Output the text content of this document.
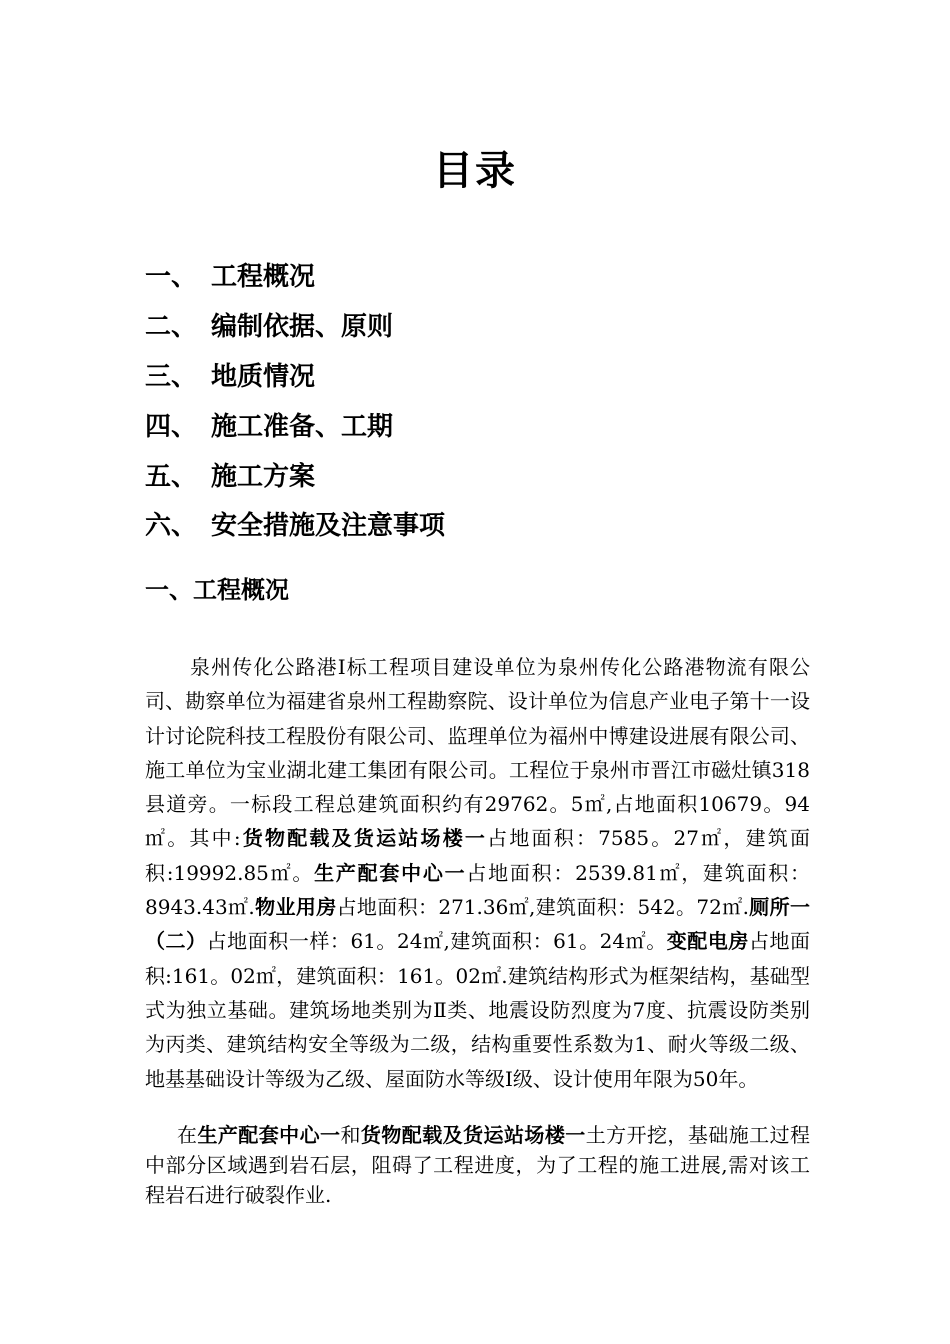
目录
一、 工程概况
二、 编制依据、原则
三、 地质情况
四、 施工准备、工期
五、 施工方案
六、 安全措施及注意事项
一、工程概况
泉州传化公路港I标工程项目建设单位为泉州传化公路港物流有限公司、勘察单位为福建省泉州工程勘察院、设计单位为信息产业电子第十一设计讨论院科技工程股份有限公司、监理单位为福州中博建设进展有限公司、施工单位为宝业湖北建工集团有限公司。工程位于泉州市晋江市磁灶镇318县道旁。一标段工程总建筑面积约有29762。5㎡,占地面积10679。94㎡。其中:货物配载及货运站场楼一占地面积：7585。27㎡，建筑面积:19992.85㎡。生产配套中心一占地面积：2539.81㎡，建筑面积：8943.43㎡.物业用房占地面积：271.36㎡,建筑面积：542。72㎡.厕所一（二）占地面积一样：61。24㎡,建筑面积：61。24㎡。变配电房占地面积:161。02㎡，建筑面积：161。02㎡.建筑结构形式为框架结构，基础型式为独立基础。建筑场地类别为Ⅱ类、地震设防烈度为7度、抗震设防类别为丙类、建筑结构安全等级为二级，结构重要性系数为1、耐火等级二级、地基基础设计等级为乙级、屋面防水等级I级、设计使用年限为50年。
在生产配套中心一和货物配载及货运站场楼一土方开挖，基础施工过程中部分区域遇到岩石层，阻碍了工程进度，为了工程的施工进展,需对该工程岩石进行破裂作业.
